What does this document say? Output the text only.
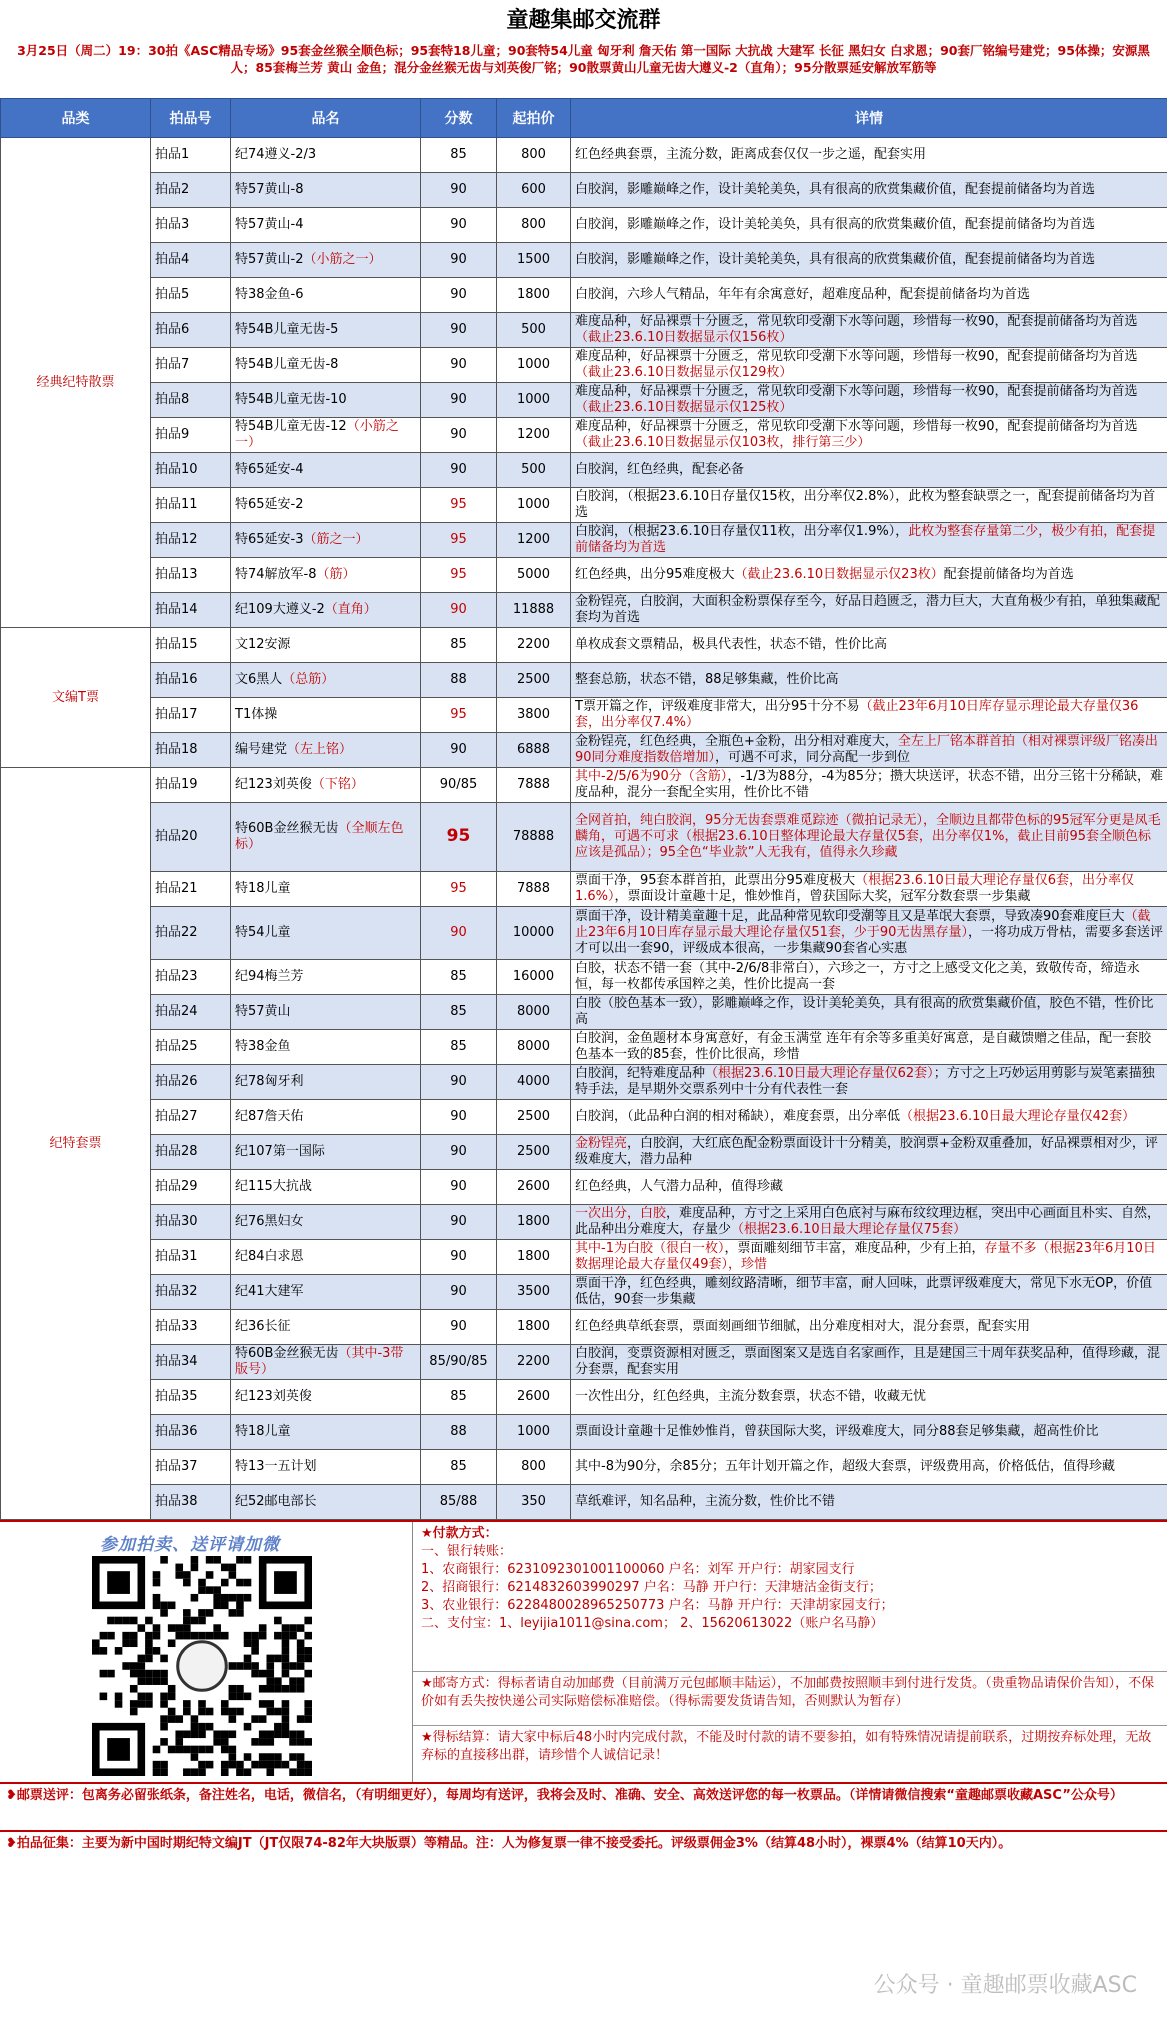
童趣集邮交流群
3月25日（周二）19：30拍《ASC精品专场》95套金丝猴全顺色标；95套特18儿童；90套特54儿童 匈牙利 詹天佑 第一国际 大抗战 大建军 长征 黑妇女 白求恩；90套厂铭编号建党；95体操；安源黑人；85套梅兰芳 黄山 金鱼；混分金丝猴无齿与刘英俊厂铭；90散票黄山儿童无齿大遵义-2（直角）；95分散票延安解放军筋等
品类	拍品号	品名	分数	起拍价	详情
经典纪特散票	拍品1	纪74遵义-2/3	85	800	红色经典套票，主流分数，距离成套仅仅一步之遥，配套实用
	拍品2	特57黄山-8	90	600	白胶润，影雕巅峰之作，设计美轮美奂，具有很高的欣赏集藏价值，配套提前储备均为首选
	拍品3	特57黄山-4	90	800	白胶润，影雕巅峰之作，设计美轮美奂，具有很高的欣赏集藏价值，配套提前储备均为首选
	拍品4	特57黄山-2（小筋之一）	90	1500	白胶润，影雕巅峰之作，设计美轮美奂，具有很高的欣赏集藏价值，配套提前储备均为首选
	拍品5	特38金鱼-6	90	1800	白胶润，六珍人气精品，年年有余寓意好，超难度品种，配套提前储备均为首选
	拍品6	特54B儿童无齿-5	90	500	难度品种，好品裸票十分匮乏，常见软印受潮下水等问题，珍惜每一枚90，配套提前储备均为首选（截止23.6.10日数据显示仅156枚）
	拍品7	特54B儿童无齿-8	90	1000	难度品种，好品裸票十分匮乏，常见软印受潮下水等问题，珍惜每一枚90，配套提前储备均为首选（截止23.6.10日数据显示仅129枚）
	拍品8	特54B儿童无齿-10	90	1000	难度品种，好品裸票十分匮乏，常见软印受潮下水等问题，珍惜每一枚90，配套提前储备均为首选（截止23.6.10日数据显示仅125枚）
	拍品9	特54B儿童无齿-12（小筋之一）	90	1200	难度品种，好品裸票十分匮乏，常见软印受潮下水等问题，珍惜每一枚90，配套提前储备均为首选（截止23.6.10日数据显示仅103枚，排行第三少）
	拍品10	特65延安-4	90	500	白胶润，红色经典，配套必备
	拍品11	特65延安-2	95	1000	白胶润，（根据23.6.10日存量仅15枚，出分率仅2.8%），此枚为整套缺票之一，配套提前储备均为首选
	拍品12	特65延安-3（筋之一）	95	1200	白胶润，（根据23.6.10日存量仅11枚，出分率仅1.9%），此枚为整套存量第二少，极少有拍，配套提前储备均为首选
	拍品13	特74解放军-8（筋）	95	5000	红色经典，出分95难度极大（截止23.6.10日数据显示仅23枚）配套提前储备均为首选
	拍品14	纪109大遵义-2（直角）	90	11888	金粉锃亮，白胶润，大面积金粉票保存至今，好品日趋匮乏，潜力巨大，大直角极少有拍，单独集藏配套均为首选
文编T票	拍品15	文12安源	85	2200	单枚成套文票精品，极具代表性，状态不错，性价比高
	拍品16	文6黑人（总筋）	88	2500	整套总筋，状态不错，88足够集藏，性价比高
	拍品17	T1体操	95	3800	T票开篇之作，评级难度非常大，出分95十分不易（截止23年6月10日库存显示理论最大存量仅36套，出分率仅7.4%）
	拍品18	编号建党（左上铭）	90	6888	金粉锃亮，红色经典，全瓶色+金粉，出分相对难度大，全左上厂铭本群首拍（相对裸票评级厂铭凑出90同分难度指数倍增加），可遇不可求，同分高配一步到位
纪特套票	拍品19	纪123刘英俊（下铭）	90/85	7888	其中-2/5/6为90分（含筋），-1/3为88分，-4为85分；攒大块送评，状态不错，出分三铭十分稀缺，难度品种，混分一套配全实用，性价比不错
	拍品20	特60B金丝猴无齿（全顺左色标）	95	78888	全网首拍，纯白胶润，95分无齿套票难觅踪迹（微拍记录无），全顺边且都带色标的95冠军分更是凤毛麟角，可遇不可求（根据23.6.10日整体理论最大存量仅5套，出分率仅1%，截止目前95套全顺色标应该是孤品）；95全色“毕业款”人无我有，值得永久珍藏
	拍品21	特18儿童	95	7888	票面干净，95套本群首拍，此票出分95难度极大（根据23.6.10日最大理论存量仅6套，出分率仅1.6%），票面设计童趣十足，惟妙惟肖，曾获国际大奖，冠军分数套票一步集藏
	拍品22	特54儿童	90	10000	票面干净，设计精美童趣十足，此品种常见软印受潮等且又是革氓大套票，导致凑90套难度巨大（截止23年6月10日库存显示最大理论存量仅51套，少于90无齿黑存量），一将功成万骨枯，需要多套送评才可以出一套90，评级成本很高，一步集藏90套省心实惠
	拍品23	纪94梅兰芳	85	16000	白胶，状态不错一套（其中-2/6/8非常白），六珍之一，方寸之上感受文化之美，致敬传奇，缔造永恒，每一枚都传承国粹之美，性价比提高一套
	拍品24	特57黄山	85	8000	白胶（胶色基本一致），影雕巅峰之作，设计美轮美奂，具有很高的欣赏集藏价值，胶色不错，性价比高
	拍品25	特38金鱼	85	8000	白胶润，金鱼题材本身寓意好，有金玉满堂 连年有余等多重美好寓意，是自藏馈赠之佳品，配一套胶色基本一致的85套，性价比很高，珍惜
	拍品26	纪78匈牙利	90	4000	白胶润，纪特难度品种（根据23.6.10日最大理论存量仅62套）；方寸之上巧妙运用剪影与炭笔素描独特手法，是早期外交票系列中十分有代表性一套
	拍品27	纪87詹天佑	90	2500	白胶润，（此品种白润的相对稀缺），难度套票，出分率低（根据23.6.10日最大理论存量仅42套）
	拍品28	纪107第一国际	90	2500	金粉锃亮，白胶润，大红底色配金粉票面设计十分精美，胶润票+金粉双重叠加，好品裸票相对少，评级难度大，潜力品种
	拍品29	纪115大抗战	90	2600	红色经典，人气潜力品种，值得珍藏
	拍品30	纪76黑妇女	90	1800	一次出分，白胶，难度品种，方寸之上采用白色底衬与麻布纹纹理边框，突出中心画面且朴实、自然，此品种出分难度大，存量少（根据23.6.10日最大理论存量仅75套）
	拍品31	纪84白求恩	90	1800	其中-1为白胶（很白一枚），票面雕刻细节丰富，难度品种，少有上拍，存量不多（根据23年6月10日数据理论最大存量仅49套），珍惜
	拍品32	纪41大建军	90	3500	票面干净，红色经典，雕刻纹路清晰，细节丰富，耐人回味，此票评级难度大，常见下水无OP，价值低估，90套一步集藏
	拍品33	纪36长征	90	1800	红色经典草纸套票，票面刻画细节细腻，出分难度相对大，混分套票，配套实用
	拍品34	特60B金丝猴无齿（其中-3带版号）	85/90/85	2200	白胶润，变票资源相对匮乏，票面图案又是选自名家画作，且是建国三十周年获奖品种，值得珍藏，混分套票，配套实用
	拍品35	纪123刘英俊	85	2600	一次性出分，红色经典，主流分数套票，状态不错，收藏无忧
	拍品36	特18儿童	88	1000	票面设计童趣十足惟妙惟肖，曾获国际大奖，评级难度大，同分88套足够集藏，超高性价比
	拍品37	特13一五计划	85	800	其中-8为90分，余85分；五年计划开篇之作，超级大套票，评级费用高，价格低估，值得珍藏
	拍品38	纪52邮电部长	85/88	350	草纸难评，知名品种，主流分数，性价比不错
参加拍卖、送评请加微
★付款方式：
一、银行转账：
1、农商银行：6231092301001100060 户名：刘军 开户行：胡家园支行
2、招商银行：6214832603990297 户名：马静 开户行：天津塘沽金街支行；
3、农业银行：6228480028965250773 户名：马静 开户行：天津胡家园支行；
二、支付宝：1、leyijia1011@sina.com； 2、15620613022（账户名马静）
★邮寄方式：得标者请自动加邮费（目前满万元包邮顺丰陆运），不加邮费按照顺丰到付进行发货。（贵重物品请保价告知），不保价如有丢失按快递公司实际赔偿标准赔偿。（得标需要发货请告知，否则默认为暂存）
★得标结算：请大家中标后48小时内完成付款，不能及时付款的请不要参拍，如有特殊情况请提前联系，过期按弃标处理，无故弃标的直接移出群，请珍惜个人诚信记录！
❥邮票送评：包离务必留张纸条，备注姓名，电话，微信名，（有明细更好），每周均有送评，我将会及时、准确、安全、高效送评您的每一枚票品。（详情请微信搜索“童趣邮票收藏ASC”公众号）
❥拍品征集：主要为新中国时期纪特文编JT（JT仅限74-82年大块版票）等精品。注：人为修复票一律不接受委托。评级票佣金3%（结算48小时），裸票4%（结算10天内）。
公众号 · 童趣邮票收藏ASC
